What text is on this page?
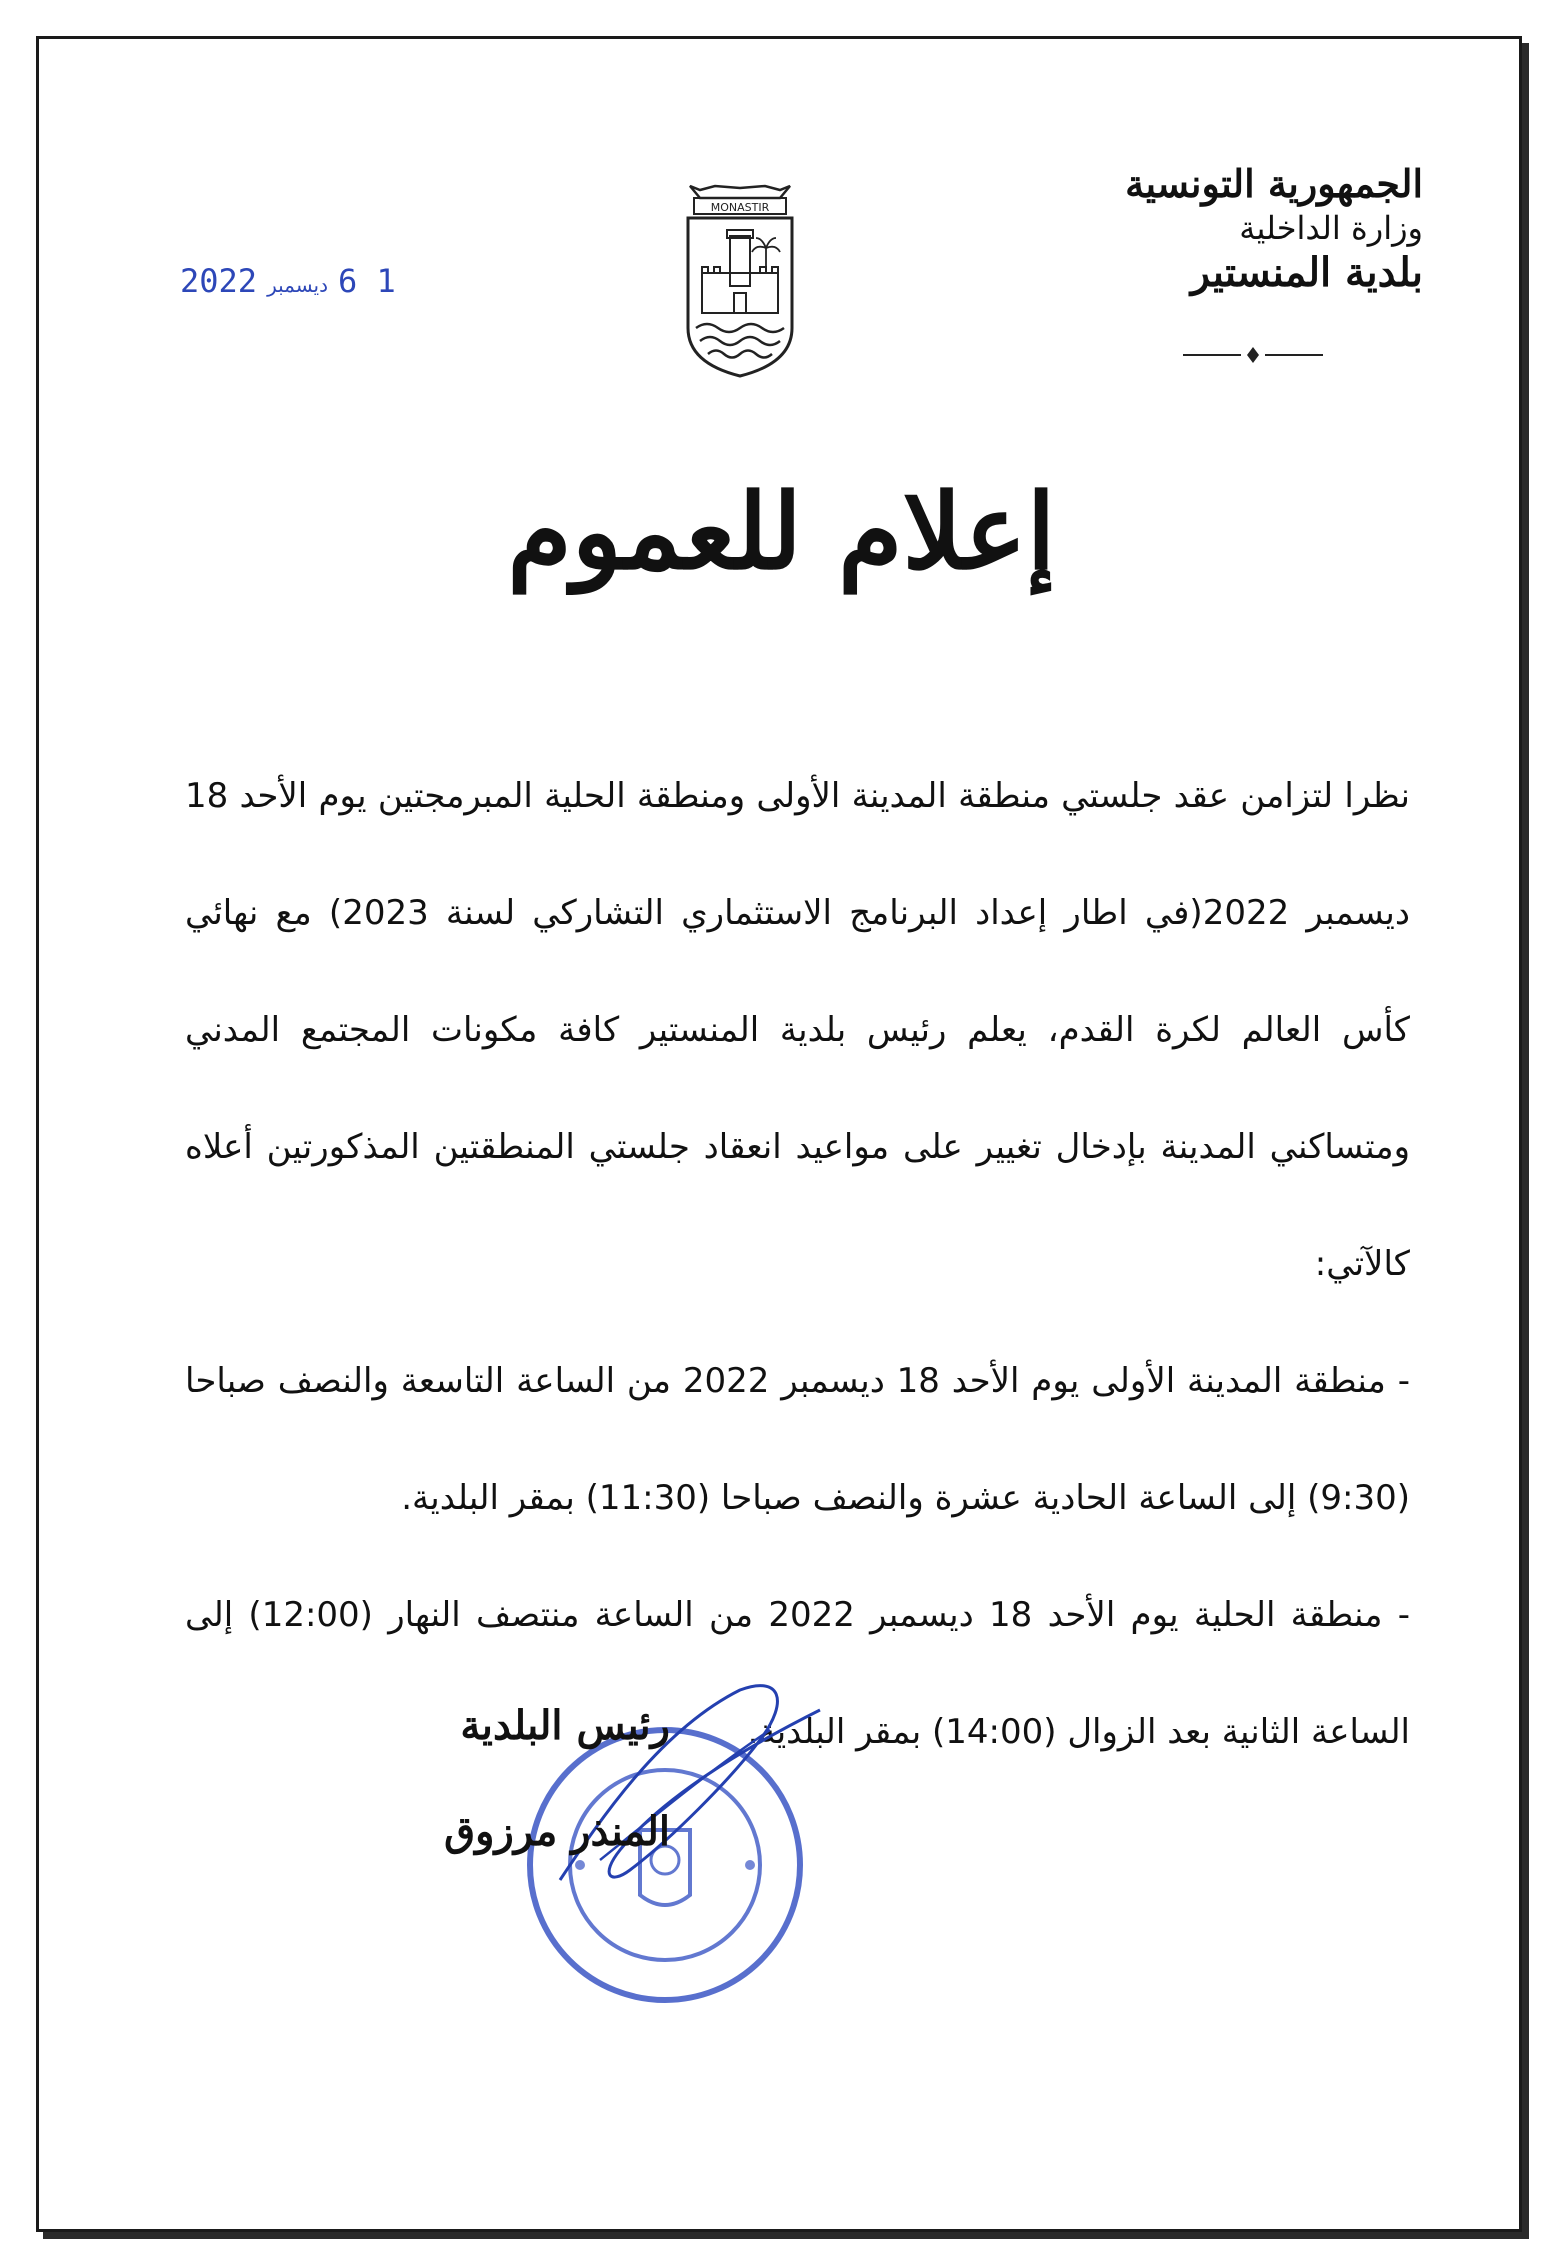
الجمهورية التونسية
وزارة الداخلية
بلدية المنستير
MONASTIR
1 6ديسمبر2022
إعلام للعموم

نظرا لتزامن عقد جلستي منطقة المدينة الأولى ومنطقة الحلية المبرمجتين يوم الأحد 18 ديسمبر 2022(في اطار إعداد البرنامج الاستثماري التشاركي لسنة 2023) مع نهائي كأس العالم لكرة القدم، يعلم رئيس بلدية المنستير كافة مكونات المجتمع المدني ومتساكني المدينة بإدخال تغيير على مواعيد انعقاد جلستي المنطقتين المذكورتين أعلاه كالآتي:

- منطقة المدينة الأولى يوم الأحد 18 ديسمبر 2022 من الساعة التاسعة والنصف صباحا (9:30) إلى الساعة الحادية عشرة والنصف صباحا (11:30) بمقر البلدية.

- منطقة الحلية يوم الأحد 18 ديسمبر 2022 من الساعة منتصف النهار (12:00) إلى الساعة الثانية بعد الزوال (14:00) بمقر البلدية.

رئيس البلدية
المنذر مرزوق
